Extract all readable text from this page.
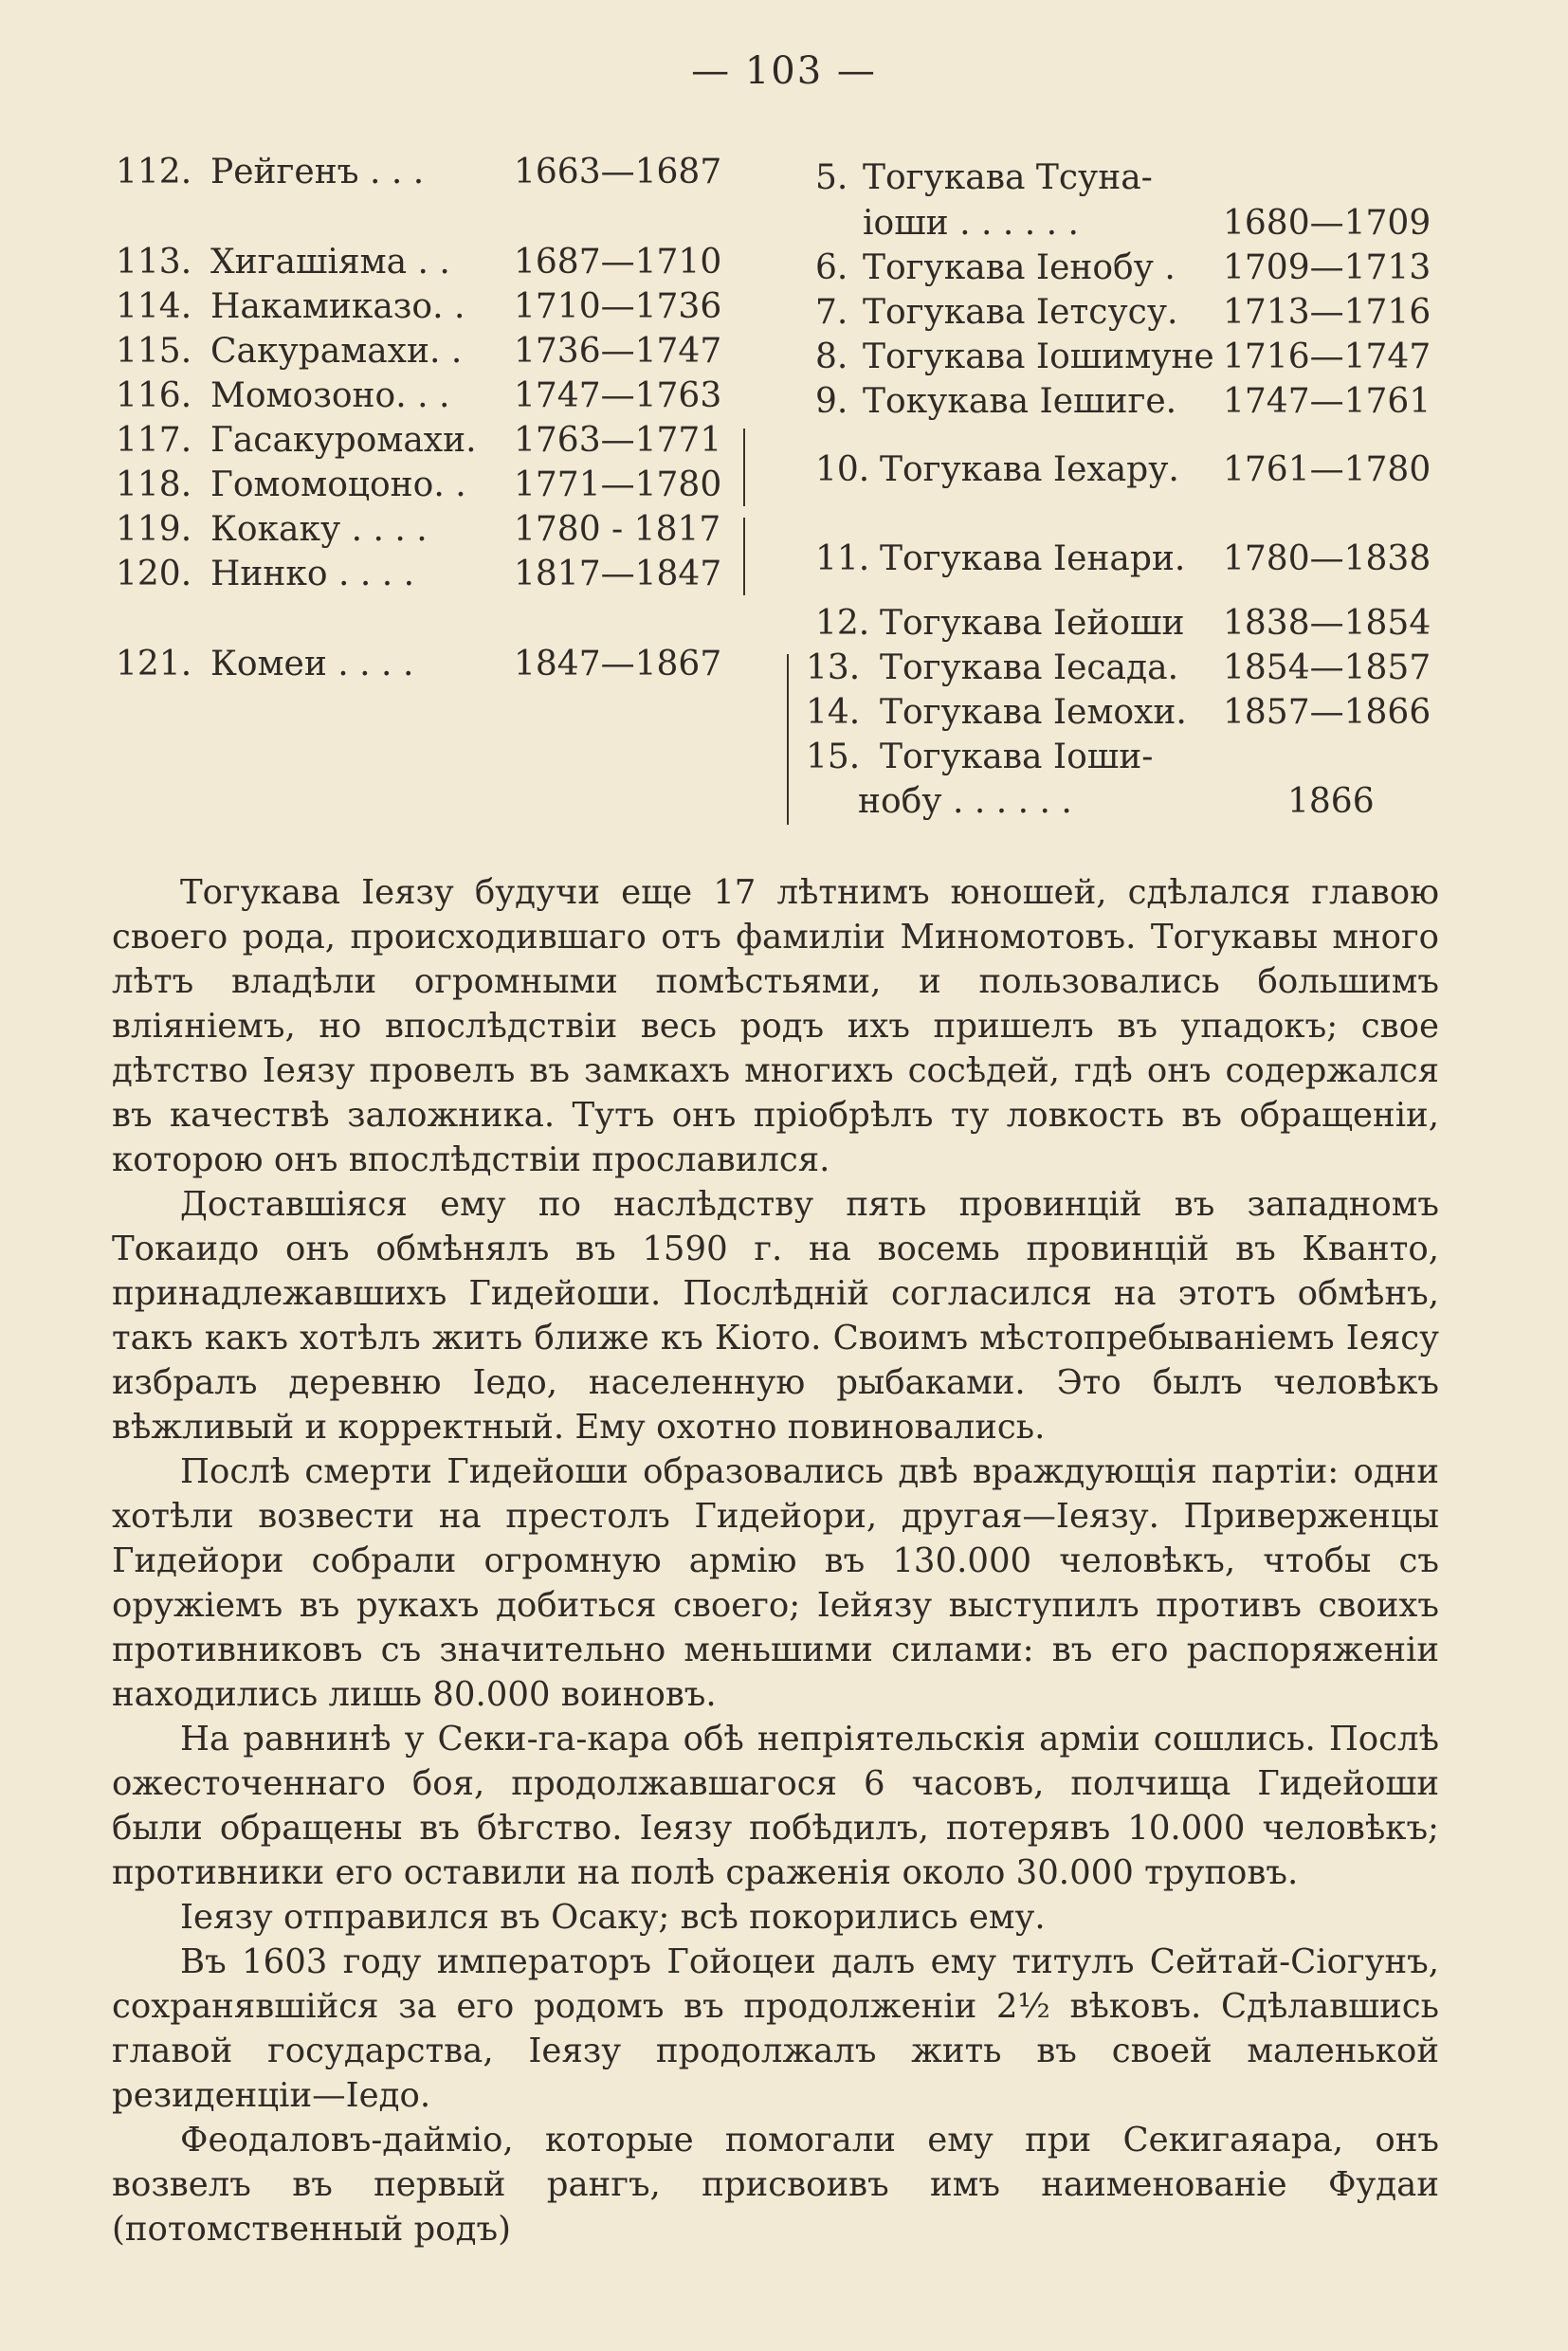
— 103 —
112. Рейгенъ . . .	1663—1687
113. Хигашіяма . . 1687—1710
114. Накамиказо. . 1710—1736
115. Сакурамахи. . 1736—1747
116. Момозоно. . . 1747—1763
117. Гасакуромахи. 1763—1771
118. Гомомоцоно. . 1771—1780
119. Кокаку . . . .	1780 - 1817
120. Нинко . . . .	1817—1847
121. Комеи . . . .	1847—1867
5. Тогукава Тсуна-
іоши . . . . . .	1680—1709
6. Тогукава Іенобу . 1709—1713
7. Тогукава Іетсусу. 1713—1716
8. Тогукава Іошимуне 1716—1747
9. Токукава Іешиге. 1747—1761
10. Тогукава Іехару. 1761—1780
11. Тогукава Іенари. 1780—1838
12. Тогукава Іейоши 1838—1854
13. Тогукава Іесада. 1854—1857
14. Тогукава Іемохи. 1857—1866
15. Тогукава Іоши-
нобу . . . . . .	1866

Тогукава Іеязу будучи еще 17 лѣтнимъ юношей, сдѣлался главою своего рода, происходившаго отъ фамиліи Миномотовъ. Тогукавы много лѣтъ владѣли огромными помѣстьями, и пользовались большимъ вліяніемъ, но впослѣдствіи весь родъ ихъ пришелъ въ упадокъ; свое дѣтство Іеязу провелъ въ замкахъ многихъ сосѣдей, гдѣ онъ содержался въ качествѣ заложника. Тутъ онъ пріобрѣлъ ту ловкость въ обращеніи, которою онъ впослѣдствіи прославился.

Доставшіяся ему по наслѣдству пять провинцій въ западномъ Токаидо онъ обмѣнялъ въ 1590 г. на восемь провинцій въ Кванто, принадлежавшихъ Гидейоши. Послѣдній согласился на этотъ обмѣнъ, такъ какъ хотѣлъ жить ближе къ Кіото. Своимъ мѣстопребываніемъ Іеясу избралъ деревню Іедо, населенную рыбаками. Это былъ человѣкъ вѣжливый и корректный. Ему охотно повиновались.

Послѣ смерти Гидейоши образовались двѣ враждующія партіи: одни хотѣли возвести на престолъ Гидейори, другая—Іеязу. Приверженцы Гидейори собрали огромную армію въ 130.000 человѣкъ, чтобы съ оружіемъ въ рукахъ добиться своего; Іейязу выступилъ противъ своихъ противниковъ съ значительно меньшими силами: въ его распоряженіи находились лишь 80.000 воиновъ.

На равнинѣ у Секи-га-кара обѣ непріятельскія арміи сошлись. Послѣ ожесточеннаго боя, продолжавшагося 6 часовъ, полчища Гидейоши были обращены въ бѣгство. Іеязу побѣдилъ, потерявъ 10.000 человѣкъ; противники его оставили на полѣ сраженія около 30.000 труповъ.

Іеязу отправился въ Осаку; всѣ покорились ему.

Въ 1603 году императоръ Гойоцеи далъ ему титулъ Сейтай-Сіогунъ, сохранявшійся за его родомъ въ продолженіи 2½ вѣковъ. Сдѣлавшись главой государства, Іеязу продолжалъ жить въ своей маленькой резиденціи—Іедо.

Феодаловъ-дайміо, которые помогали ему при Секигаяара, онъ возвелъ въ первый рангъ, присвоивъ имъ наименованіе Фудаи (потомственный родъ)
